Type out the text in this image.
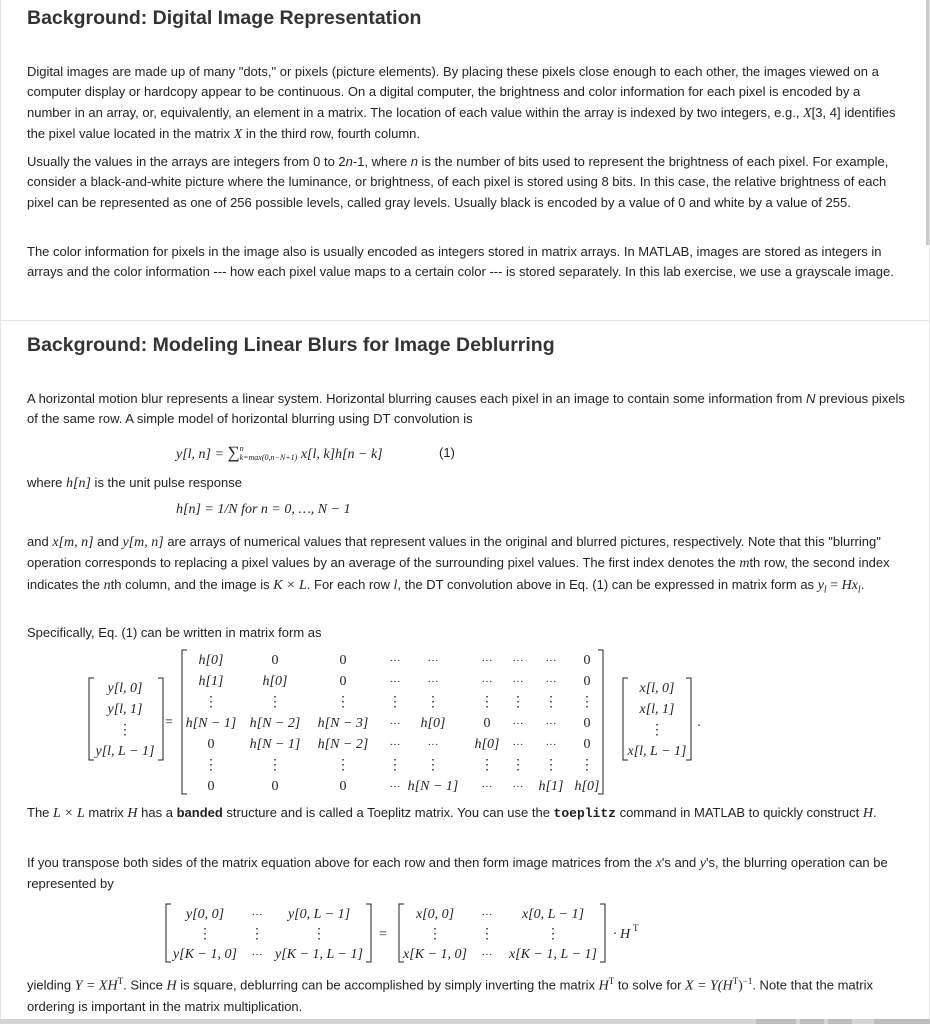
Background: Digital Image Representation

Digital images are made up of many "dots," or pixels (picture elements). By placing these pixels close enough to each other, the images viewed on a computer display or hardcopy appear to be continuous. On a digital computer, the brightness and color information for each pixel is encoded by a number in an array, or, equivalently, an element in a matrix. The location of each value within the array is indexed by two integers, e.g., X[3, 4] identifies the pixel value located in the matrix X in the third row, fourth column.

Usually the values in the arrays are integers from 0 to 2n-1, where n is the number of bits used to represent the brightness of each pixel. For example, consider a black-and-white picture where the luminance, or brightness, of each pixel is stored using 8 bits. In this case, the relative brightness of each pixel can be represented as one of 256 possible levels, called gray levels. Usually black is encoded by a value of 0 and white by a value of 255.

The color information for pixels in the image also is usually encoded as integers stored in matrix arrays. In MATLAB, images are stored as integers in arrays and the color information --- how each pixel value maps to a certain color --- is stored separately. In this lab exercise, we use a grayscale image.

Background: Modeling Linear Blurs for Image Deblurring

A horizontal motion blur represents a linear system. Horizontal blurring causes each pixel in an image to contain some information from N previous pixels of the same row. A simple model of horizontal blurring using DT convolution is

y[l, n] = ∑ n
k=max(0,n−N+1) x[l, k]h[n − k]	(1)

where h[n] is the unit pulse response

h[n] = 1/N for n = 0, …, N − 1

and x[m, n] and y[m, n] are arrays of numerical values that represent values in the original and blurred pictures, respectively. Note that this "blurring" operation corresponds to replacing a pixel values by an average of the surrounding pixel values. The first index denotes the mth row, the second index indicates the nth column, and the image is K × L. For each row l, the DT convolution above in Eq. (1) can be expressed in matrix form as $y_l = Hx_l$.

Specifically, Eq. (1) can be written in matrix form as

y[l, 0]
y[l, 1]
⋮
y[l, L − 1]
=
h[0]	0	0	··· ···	··· ··· ··· 0
h[1]	h[0]	0	··· ···	··· ··· ··· 0
⋮	⋮	⋮	⋮ ⋮	⋮ ⋮ ⋮ ⋮
h[N − 1] h[N − 2] h[N − 3] ··· h[0]	0 ··· ··· 0
0	h[N − 1] h[N − 2] ··· ···	h[0] ··· ··· 0
⋮	⋮	⋮	⋮ ⋮	⋮ ⋮ ⋮ ⋮
0	0	0	··· h[N − 1] ··· ··· h[1] h[0]
x[l, 0]
x[l, 1]
⋮
x[l, L − 1]
.

The L × L matrix H has a banded structure and is called a Toeplitz matrix. You can use the toeplitz command in MATLAB to quickly construct H.

If you transpose both sides of the matrix equation above for each row and then form image matrices from the x's and y's, the blurring operation can be represented by

y[0, 0] ··· y[0, L − 1]
⋮	⋮	⋮
y[K − 1, 0] ··· y[K − 1, L − 1]
=
x[0, 0] ··· x[0, L − 1]
⋮	⋮	⋮
x[K − 1, 0] ··· x[K − 1, L − 1]
· H T

yielding $Y = XH^T$. Since H is square, deblurring can be accomplished by simply inverting the matrix $H^T$ to solve for $X = Y(H^T)^{-1}$. Note that the matrix ordering is important in the matrix multiplication.
